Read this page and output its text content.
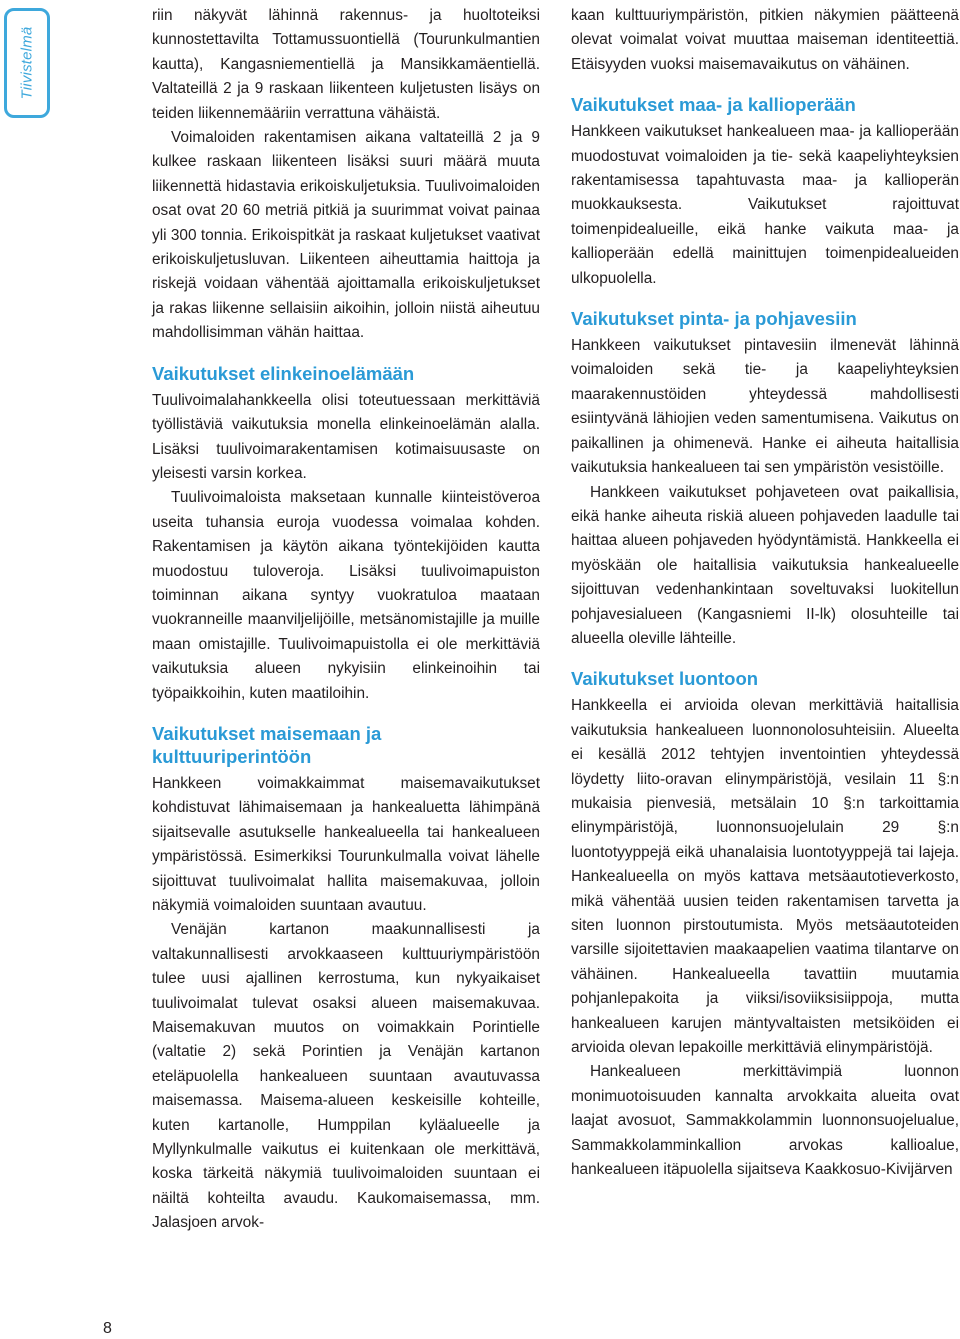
Tiivistelmä

riin näkyvät lähinnä rakennus- ja huoltoteiksi kunnostettavilta Tottamussuontiellä (Tourunkulmantien kautta), Kangasniementiellä ja Mansikkamäentiellä. Valtateillä 2 ja 9 raskaan liikenteen kuljetusten lisäys on teiden liikennemääriin verrattuna vähäistä.

Voimaloiden rakentamisen aikana valtateillä 2 ja 9 kulkee raskaan liikenteen lisäksi suuri määrä muuta liikennettä hidastavia erikoiskuljetuksia. Tuulivoimaloiden osat ovat 20 60 metriä pitkiä ja suurimmat voivat painaa yli 300 tonnia. Erikoispitkät ja raskaat kuljetukset vaativat erikoiskuljetusluvan. Liikenteen aiheuttamia haittoja ja riskejä voidaan vähentää ajoittamalla erikoiskuljetukset ja rakas liikenne sellaisiin aikoihin, jolloin niistä aiheutuu mahdollisimman vähän haittaa.

Vaikutukset elinkeinoelämään

Tuulivoimalahankkeella olisi toteutuessaan merkittäviä työllistäviä vaikutuksia monella elinkeinoelämän alalla. Lisäksi tuulivoimarakentamisen kotimaisuusaste on yleisesti varsin korkea.

Tuulivoimaloista maksetaan kunnalle kiinteistöveroa useita tuhansia euroja vuodessa voimalaa kohden. Rakentamisen ja käytön aikana työntekijöiden kautta muodostuu tuloveroja. Lisäksi tuulivoimapuiston toiminnan aikana syntyy vuokratuloa maataan vuokranneille maanviljelijöille, metsänomistajille ja muille maan omistajille. Tuulivoimapuistolla ei ole merkittäviä vaikutuksia alueen nykyisiin elinkeinoihin tai työpaikkoihin, kuten maatiloihin.

Vaikutukset maisemaan ja kulttuuriperintöön

Hankkeen voimakkaimmat maisemavaikutukset kohdistuvat lähimaisemaan ja hankealuetta lähimpänä sijaitsevalle asutukselle hankealueella tai hankealueen ympäristössä. Esimerkiksi Tourunkulmalla voivat lähelle sijoittuvat tuulivoimalat hallita maisemakuvaa, jolloin näkymiä voimaloiden suuntaan avautuu.

Venäjän kartanon maakunnallisesti ja valtakunnallisesti arvokkaaseen kulttuuriympäristöön tulee uusi ajallinen kerrostuma, kun nykyaikaiset tuulivoimalat tulevat osaksi alueen maisemakuvaa. Maisemakuvan muutos on voimakkain Porintielle (valtatie 2) sekä Porintien ja Venäjän kartanon eteläpuolella hankealueen suuntaan avautuvassa maisemassa. Maisema-alueen keskeisille kohteille, kuten kartanolle, Humppilan kyläalueelle ja Myllynkulmalle vaikutus ei kuitenkaan ole merkittävä, koska tärkeitä näkymiä tuulivoimaloiden suuntaan ei näiltä kohteilta avaudu. Kaukomaisemassa, mm. Jalasjoen arvok-

kaan kulttuuriympäristön, pitkien näkymien päätteenä olevat voimalat voivat muuttaa maiseman identiteettiä. Etäisyyden vuoksi maisemavaikutus on vähäinen.

Vaikutukset maa- ja kallioperään

Hankkeen vaikutukset hankealueen maa- ja kallioperään muodostuvat voimaloiden ja tie- sekä kaapeliyhteyksien rakentamisessa tapahtuvasta maa- ja kallioperän muokkauksesta. Vaikutukset rajoittuvat toimenpidealueille, eikä hanke vaikuta maa- ja kallioperään edellä mainittujen toimenpidealueiden ulkopuolella.

Vaikutukset pinta- ja pohjavesiin

Hankkeen vaikutukset pintavesiin ilmenevät lähinnä voimaloiden sekä tie- ja kaapeliyhteyksien maarakennustöiden yhteydessä mahdollisesti esiintyvänä lähiojien veden samentumisena. Vaikutus on paikallinen ja ohimenevä. Hanke ei aiheuta haitallisia vaikutuksia hankealueen tai sen ympäristön vesistöille.

Hankkeen vaikutukset pohjaveteen ovat paikallisia, eikä hanke aiheuta riskiä alueen pohjaveden laadulle tai haittaa alueen pohjaveden hyödyntämistä. Hankkeella ei myöskään ole haitallisia vaikutuksia hankealueelle sijoittuvan vedenhankintaan soveltuvaksi luokitellun pohjavesialueen (Kangasniemi II-lk) olosuhteille tai alueella oleville lähteille.

Vaikutukset luontoon

Hankkeella ei arvioida olevan merkittäviä haitallisia vaikutuksia hankealueen luonnonolosuhteisiin. Alueelta ei kesällä 2012 tehtyjen inventointien yhteydessä löydetty liito-oravan elinympäristöjä, vesilain 11 §:n mukaisia pienvesiä, metsälain 10 §:n tarkoittamia elinympäristöjä, luonnonsuojelulain 29 §:n luontotyyppejä eikä uhanalaisia luontotyyppejä tai lajeja. Hankealueella on myös kattava metsäautotieverkosto, mikä vähentää uusien teiden rakentamisen tarvetta ja siten luonnon pirstoutumista. Myös metsäautoteiden varsille sijoitettavien maakaapelien vaatima tilantarve on vähäinen. Hankealueella tavattiin muutamia pohjanlepakoita ja viiksi/isoviiksisiippoja, mutta hankealueen karujen mäntyvaltaisten metsiköiden ei arvioida olevan lepakoille merkittäviä elinympäristöjä.

Hankealueen merkittävimpiä luonnon monimuotoisuuden kannalta arvokkaita alueita ovat laajat avosuot, Sammakkolammin luonnonsuojelualue, Sammakkolamminkallion arvokas kallioalue, hankealueen itäpuolella sijaitseva Kaakkosuo-Kivijärven

8
